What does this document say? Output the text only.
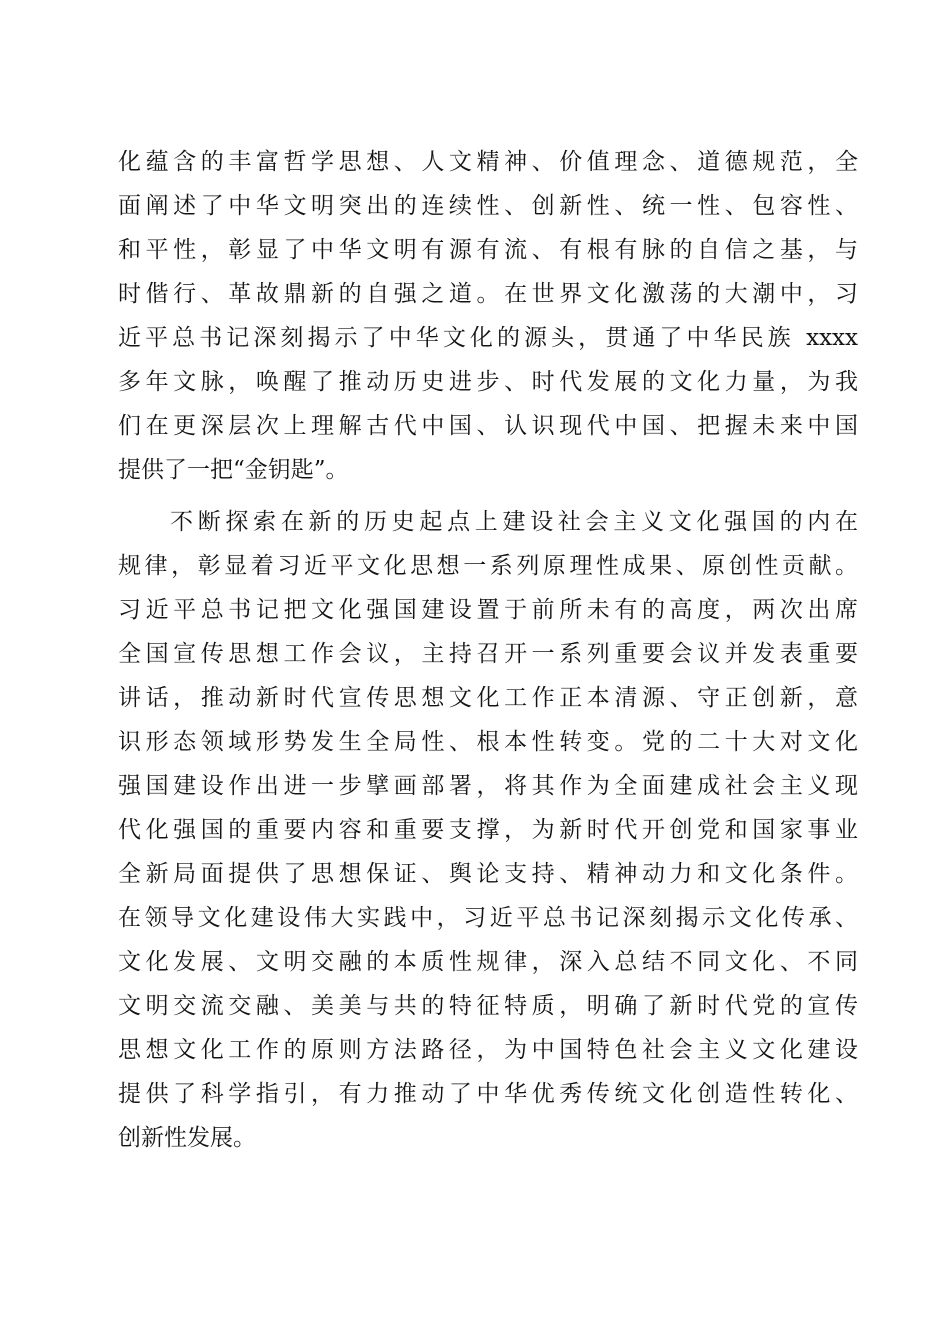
化蕴含的丰富哲学思想、人文精神、价值理念、道德规范，全
面阐述了中华文明突出的连续性、创新性、统一性、包容性、
和平性，彰显了中华文明有源有流、有根有脉的自信之基，与
时偕行、革故鼎新的自强之道。在世界文化激荡的大潮中，习
近平总书记深刻揭示了中华文化的源头，贯通了中华民族 xxxx
多年文脉，唤醒了推动历史进步、时代发展的文化力量，为我
们在更深层次上理解古代中国、认识现代中国、把握未来中国
提供了一把“金钥匙”。
不断探索在新的历史起点上建设社会主义文化强国的内在
规律，彰显着习近平文化思想一系列原理性成果、原创性贡献。
习近平总书记把文化强国建设置于前所未有的高度，两次出席
全国宣传思想工作会议，主持召开一系列重要会议并发表重要
讲话，推动新时代宣传思想文化工作正本清源、守正创新，意
识形态领域形势发生全局性、根本性转变。党的二十大对文化
强国建设作出进一步擘画部署，将其作为全面建成社会主义现
代化强国的重要内容和重要支撑，为新时代开创党和国家事业
全新局面提供了思想保证、舆论支持、精神动力和文化条件。
在领导文化建设伟大实践中，习近平总书记深刻揭示文化传承、
文化发展、文明交融的本质性规律，深入总结不同文化、不同
文明交流交融、美美与共的特征特质，明确了新时代党的宣传
思想文化工作的原则方法路径，为中国特色社会主义文化建设
提供了科学指引，有力推动了中华优秀传统文化创造性转化、
创新性发展。
